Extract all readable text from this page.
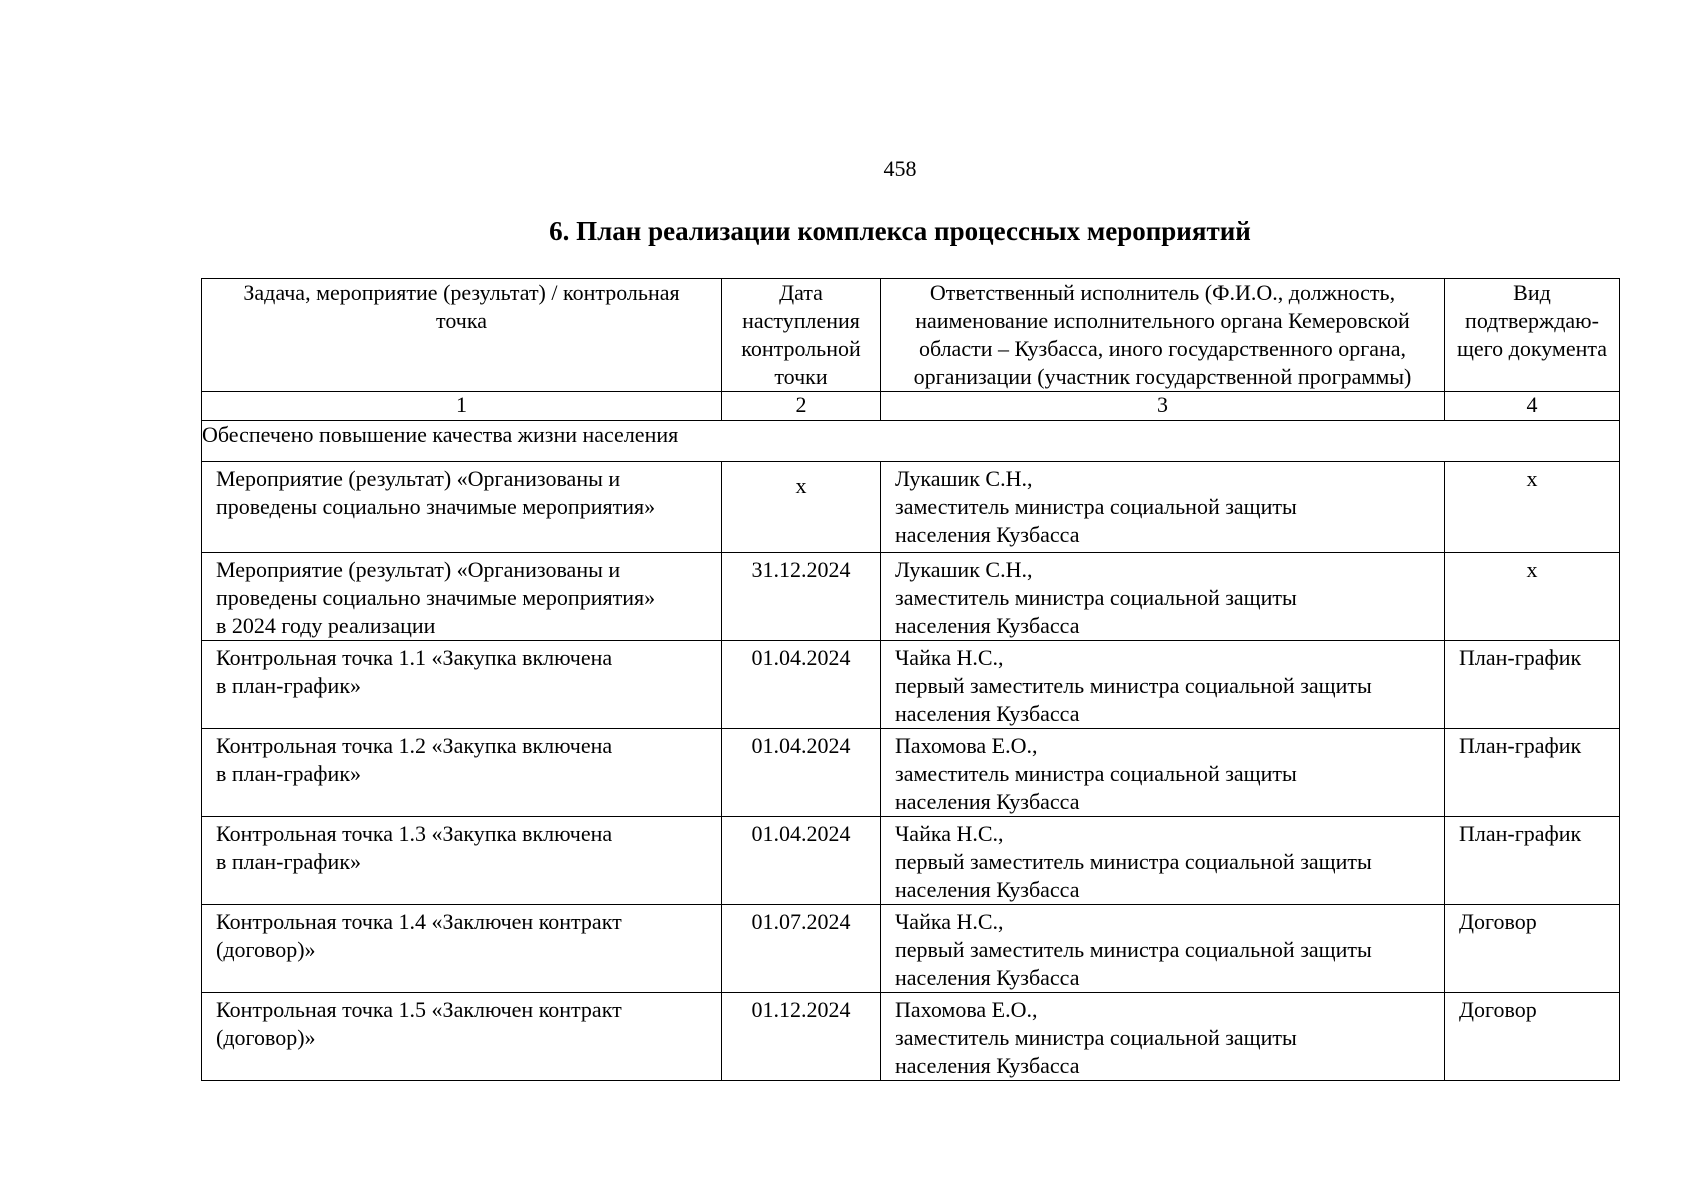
458
6. План реализации комплекса процессных мероприятий
Задача, мероприятие (результат) / контрольная
точка	Дата
наступления
контрольной
точки	Ответственный исполнитель (Ф.И.О., должность,
наименование исполнительного органа Кемеровской
области – Кузбасса, иного государственного органа,
организации (участник государственной программы)	Вид
подтверждаю-
щего документа

1	2	3	4
Обеспечено повышение качества жизни населения			

Мероприятие (результат) «Организованы и
проведены социально значимые мероприятия»	х	Лукашик С.Н.,
заместитель министра социальной защиты
населения Кузбасса	х

Мероприятие (результат) «Организованы и
проведены социально значимые мероприятия»
в 2024 году реализации	31.12.2024	Лукашик С.Н.,
заместитель министра социальной защиты
населения Кузбасса	х

Контрольная точка 1.1 «Закупка включена
в план-график»	01.04.2024	Чайка Н.С.,
первый заместитель министра социальной защиты
населения Кузбасса	План-график

Контрольная точка 1.2 «Закупка включена
в план-график»	01.04.2024	Пахомова Е.О.,
заместитель министра социальной защиты
населения Кузбасса	План-график

Контрольная точка 1.3 «Закупка включена
в план-график»	01.04.2024	Чайка Н.С.,
первый заместитель министра социальной защиты
населения Кузбасса	План-график

Контрольная точка 1.4 «Заключен контракт
(договор)»	01.07.2024	Чайка Н.С.,
первый заместитель министра социальной защиты
населения Кузбасса	Договор

Контрольная точка 1.5 «Заключен контракт
(договор)»	01.12.2024	Пахомова Е.О.,
заместитель министра социальной защиты
населения Кузбасса	Договор
